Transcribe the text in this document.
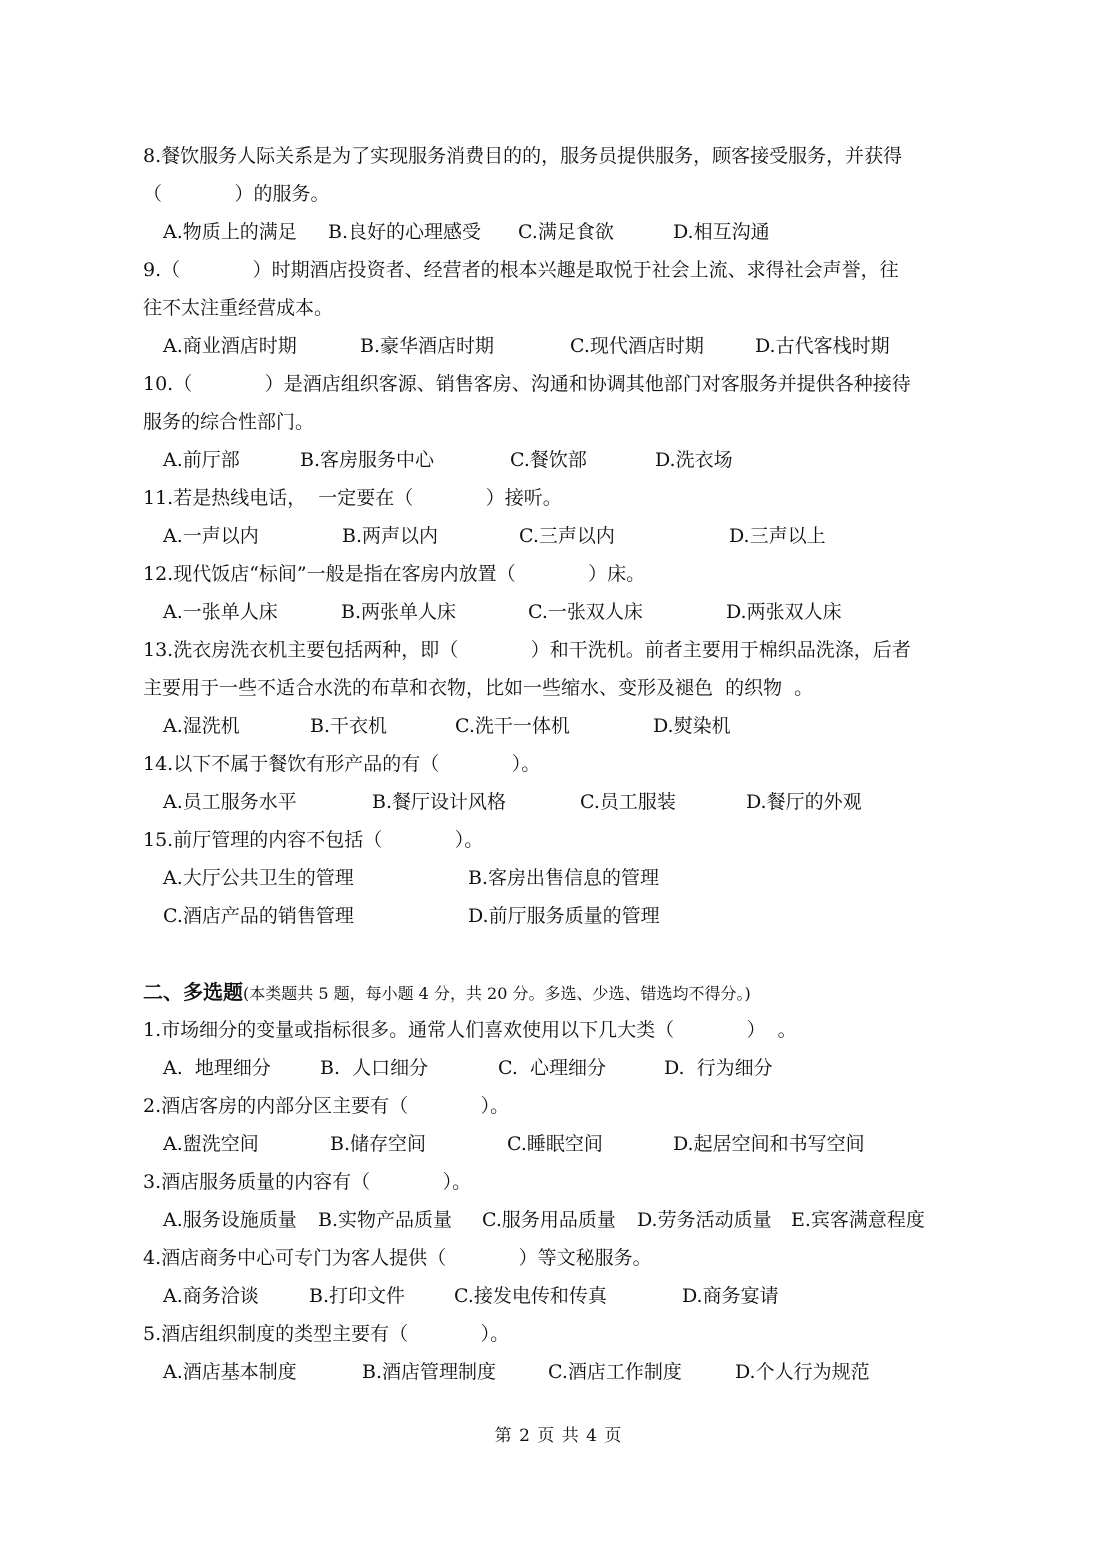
8.餐饮服务人际关系是为了实现服务消费目的的，服务员提供服务，顾客接受服务，并获得
（            ）的服务。
A.物质上的满足 B.良好的心理感受 C.满足食欲	D.相互沟通
9.（            ）时期酒店投资者、经营者的根本兴趣是取悦于社会上流、求得社会声誉，往
往不太注重经营成本。
A.商业酒店时期	B.豪华酒店时期	C.现代酒店时期	D.古代客栈时期
10.（            ）是酒店组织客源、销售客房、沟通和协调其他部门对客服务并提供各种接待
服务的综合性部门。
A.前厅部	B.客房服务中心	C.餐饮部	D.洗衣场
11.若是热线电话，  一定要在（            ）接听。
A.一声以内	B.两声以内	C.三声以内	D.三声以上
12.现代饭店“标间”一般是指在客房内放置（            ）床。
A.一张单人床	B.两张单人床	C.一张双人床	D.两张双人床
13.洗衣房洗衣机主要包括两种，即（            ）和干洗机。前者主要用于棉织品洗涤，后者
主要用于一些不适合水洗的布草和衣物，比如一些缩水、变形及褪色  的织物  。
A.湿洗机	B.干衣机	C.洗干一体机	D.熨染机
14.以下不属于餐饮有形产品的有（            ）。
A.员工服务水平	B.餐厅设计风格	C.员工服装	D.餐厅的外观
15.前厅管理的内容不包括（            ）。
A.大厅公共卫生的管理	B.客房出售信息的管理
C.酒店产品的销售管理	D.前厅服务质量的管理
二、多选题(本类题共 5 题，每小题 4 分，共 20 分。多选、少选、错选均不得分。)
1.市场细分的变量或指标很多。通常人们喜欢使用以下几大类（            ）  。
A.  地理细分	B.  人口细分	C.  心理细分	D.  行为细分
2.酒店客房的内部分区主要有（            ）。
A.盥洗空间	B.储存空间	C.睡眠空间	D.起居空间和书写空间
3.酒店服务质量的内容有（            ）。
A.服务设施质量 B.实物产品质量 C.服务用品质量 D.劳务活动质量 E.宾客满意程度
4.酒店商务中心可专门为客人提供（            ）等文秘服务。
A.商务洽谈	B.打印文件	C.接发电传和传真	D.商务宴请
5.酒店组织制度的类型主要有（            ）。
A.酒店基本制度	B.酒店管理制度	C.酒店工作制度	D.个人行为规范
第 2 页 共 4 页
